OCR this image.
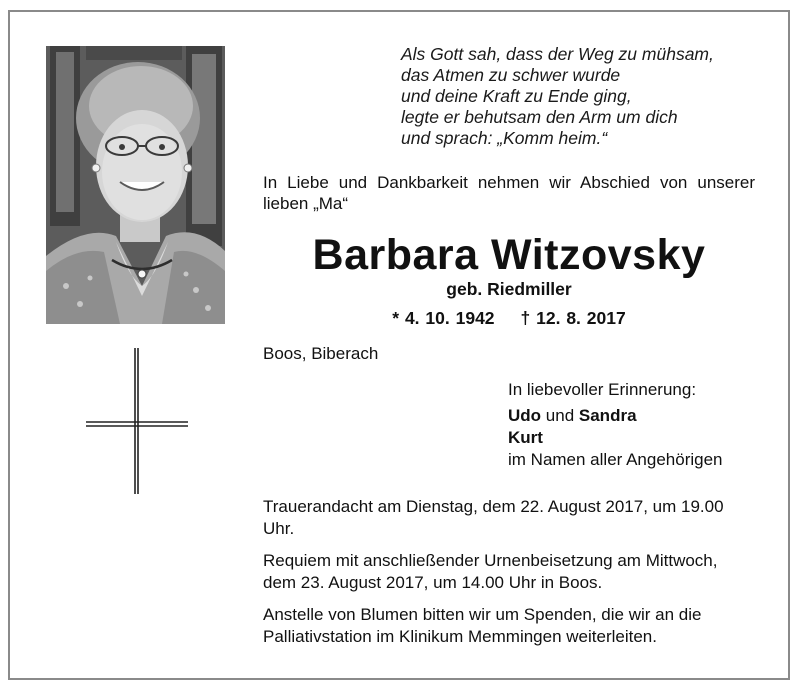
Als Gott sah, dass der Weg zu mühsam,
das Atmen zu schwer wurde
und deine Kraft zu Ende ging,
legte er behutsam den Arm um dich
und sprach: „Komm heim.“
In Liebe und Dankbarkeit nehmen wir Abschied von unserer lieben „Ma“
Barbara Witzovsky
geb. Riedmiller
* 4. 10. 1942 † 12. 8. 2017
Boos, Biberach
In liebevoller Erinnerung:
Udo und Sandra
Kurt
im Namen aller Angehörigen

Trauerandacht am Dienstag, dem 22. August 2017, um 19.00 Uhr.

Requiem mit anschließender Urnenbeisetzung am Mittwoch, dem 23. August 2017, um 14.00 Uhr in Boos.

Anstelle von Blumen bitten wir um Spenden, die wir an die Palliativstation im Klinikum Memmingen weiterleiten.
